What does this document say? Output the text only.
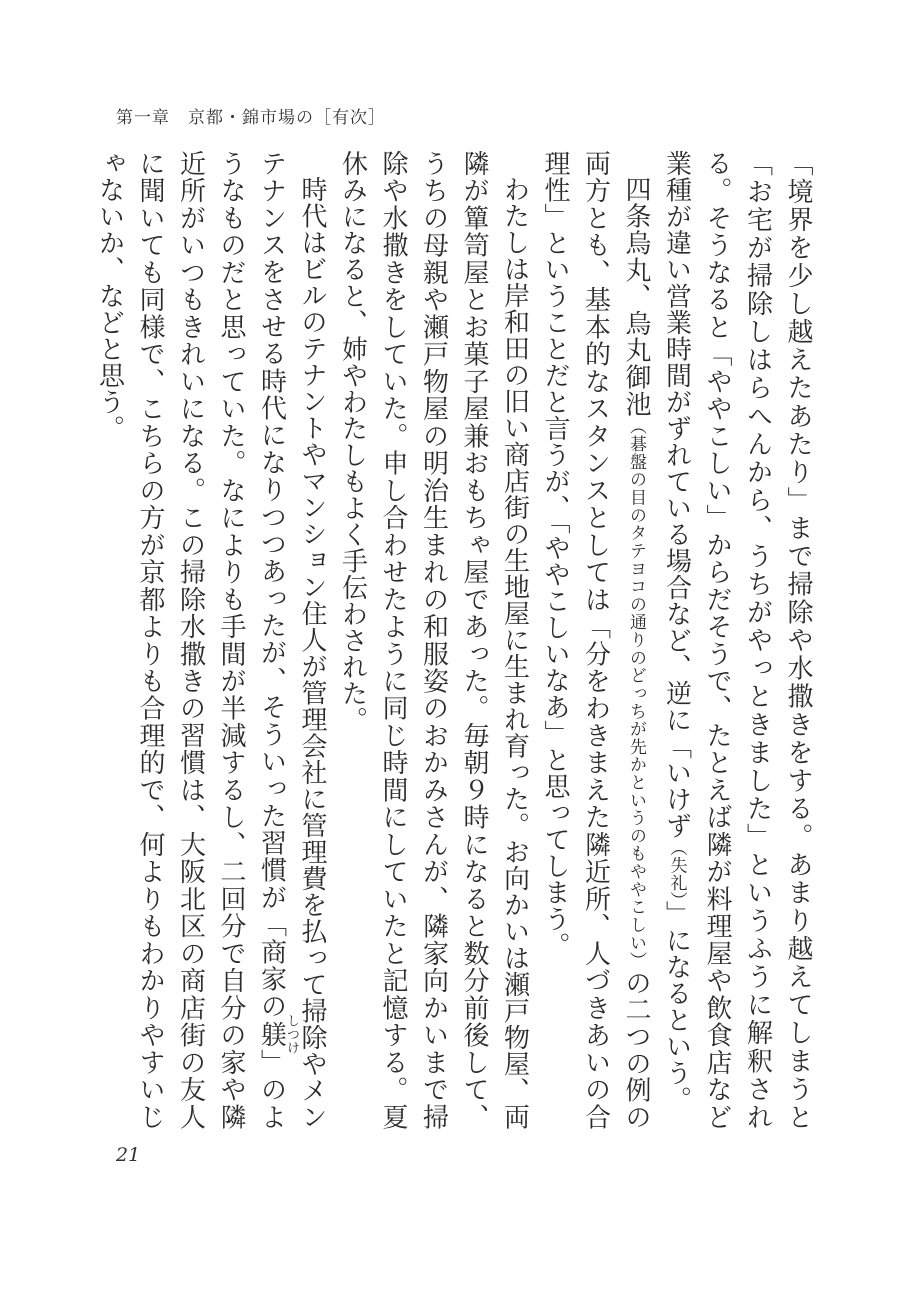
第一章 京都・錦市場の［有次］

「境界を少し越えたあたり」まで掃除や水撒きをする。あまり越えてしまうと「お宅が掃除しはらへんから、うちがやっときました」というふうに解釈される。そうなると「ややこしい」からだそうで、たとえば隣が料理屋や飲食店など業種が違い営業時間がずれている場合など、逆に「いけず（失礼）」になるという。

四条烏丸、烏丸御池（碁盤の目のタテヨコの通りのどっちが先かというのもややこしい）の二つの例の両方とも、基本的なスタンスとしては「分をわきまえた隣近所、人づきあいの合理性」ということだと言うが、「ややこしいなあ」と思ってしまう。

わたしは岸和田の旧い商店街の生地屋に生まれ育った。お向かいは瀬戸物屋、両隣が簞笥屋とお菓子屋兼おもちゃ屋であった。毎朝９時になると数分前後して、うちの母親や瀬戸物屋の明治生まれの和服姿のおかみさんが、隣家向かいまで掃除や水撒きをしていた。申し合わせたように同じ時間にしていたと記憶する。夏休みになると、姉やわたしもよく手伝わされた。

時代はビルのテナントやマンション住人が管理会社に管理費を払って掃除やメンテナンスをさせる時代になりつつあったが、そういった習慣が「商家の躾しつけ」のようなものだと思っていた。なによりも手間が半減するし、二回分で自分の家や隣近所がいつもきれいになる。この掃除水撒きの習慣は、大阪北区の商店街の友人に聞いても同様で、こちらの方が京都よりも合理的で、何よりもわかりやすいじゃないか、などと思う。

21
